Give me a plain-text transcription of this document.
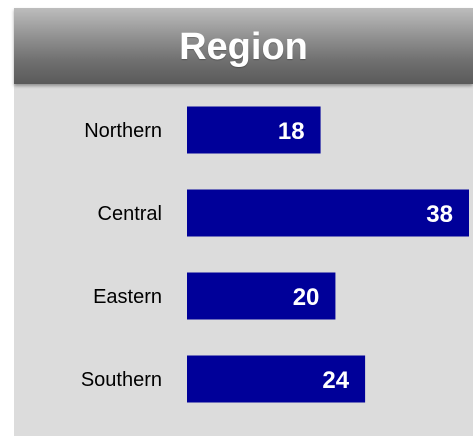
Region
Northern	18
Central	38
Eastern	20
Southern	24
